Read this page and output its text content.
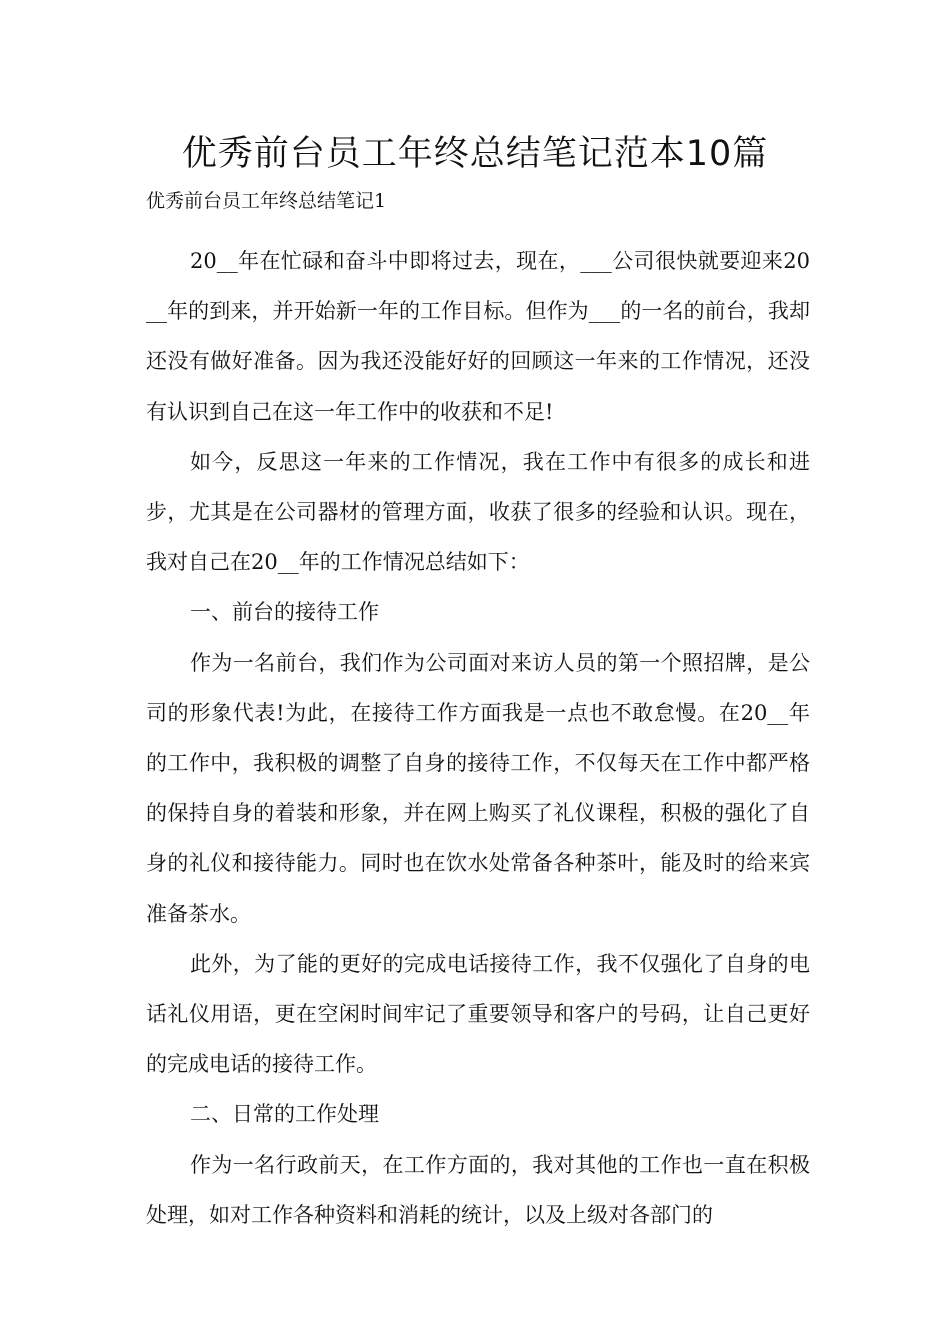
优秀前台员工年终总结笔记范本10篇

优秀前台员工年终总结笔记1

20__年在忙碌和奋斗中即将过去，现在，___公司很快就要迎来20__年的到来，并开始新一年的工作目标。但作为___的一名的前台，我却还没有做好准备。因为我还没能好好的回顾这一年来的工作情况，还没有认识到自己在这一年工作中的收获和不足!

如今，反思这一年来的工作情况，我在工作中有很多的成长和进步，尤其是在公司器材的管理方面，收获了很多的经验和认识。现在，我对自己在20__年的工作情况总结如下：

一、前台的接待工作

作为一名前台，我们作为公司面对来访人员的第一个照招牌，是公司的形象代表!为此，在接待工作方面我是一点也不敢怠慢。在20__年的工作中，我积极的调整了自身的接待工作，不仅每天在工作中都严格的保持自身的着装和形象，并在网上购买了礼仪课程，积极的强化了自身的礼仪和接待能力。同时也在饮水处常备各种茶叶，能及时的给来宾准备茶水。

此外，为了能的更好的完成电话接待工作，我不仅强化了自身的电话礼仪用语，更在空闲时间牢记了重要领导和客户的号码，让自己更好的完成电话的接待工作。

二、日常的工作处理

作为一名行政前天，在工作方面的，我对其他的工作也一直在积极处理，如对工作各种资料和消耗的统计，以及上级对各部门的
